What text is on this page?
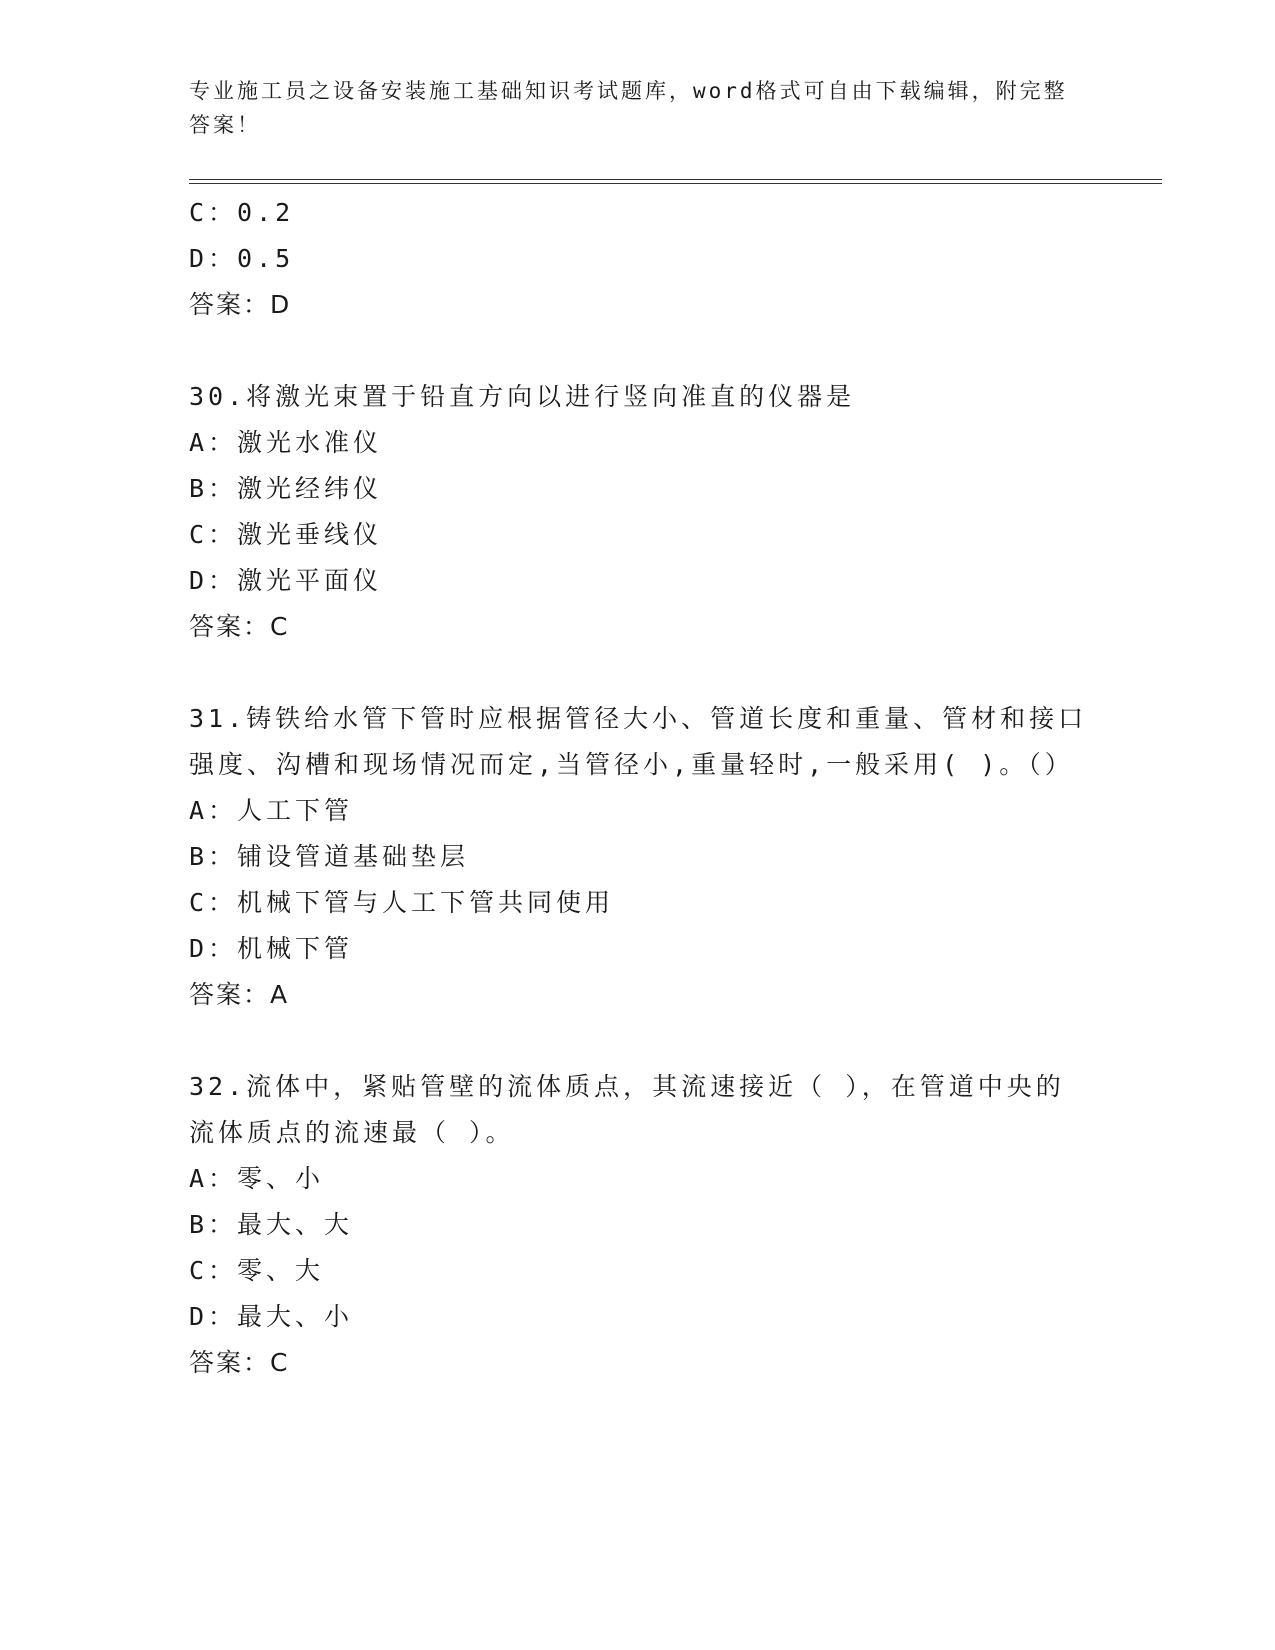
专业施工员之设备安装施工基础知识考试题库，word格式可自由下载编辑，附完整答案！
C：0.2
D：0.5
答案：D
30.将激光束置于铅直方向以进行竖向准直的仪器是
A：激光水准仪
B：激光经纬仪
C：激光垂线仪
D：激光平面仪
答案：C
31.铸铁给水管下管时应根据管径大小、管道长度和重量、管材和接口强度、沟槽和现场情况而定,当管径小,重量轻时,一般采用( )。（）
A：人工下管
B：铺设管道基础垫层
C：机械下管与人工下管共同使用
D：机械下管
答案：A
32.流体中，紧贴管壁的流体质点，其流速接近（ ），在管道中央的流体质点的流速最（ ）。
A：零、小
B：最大、大
C：零、大
D：最大、小
答案：C
